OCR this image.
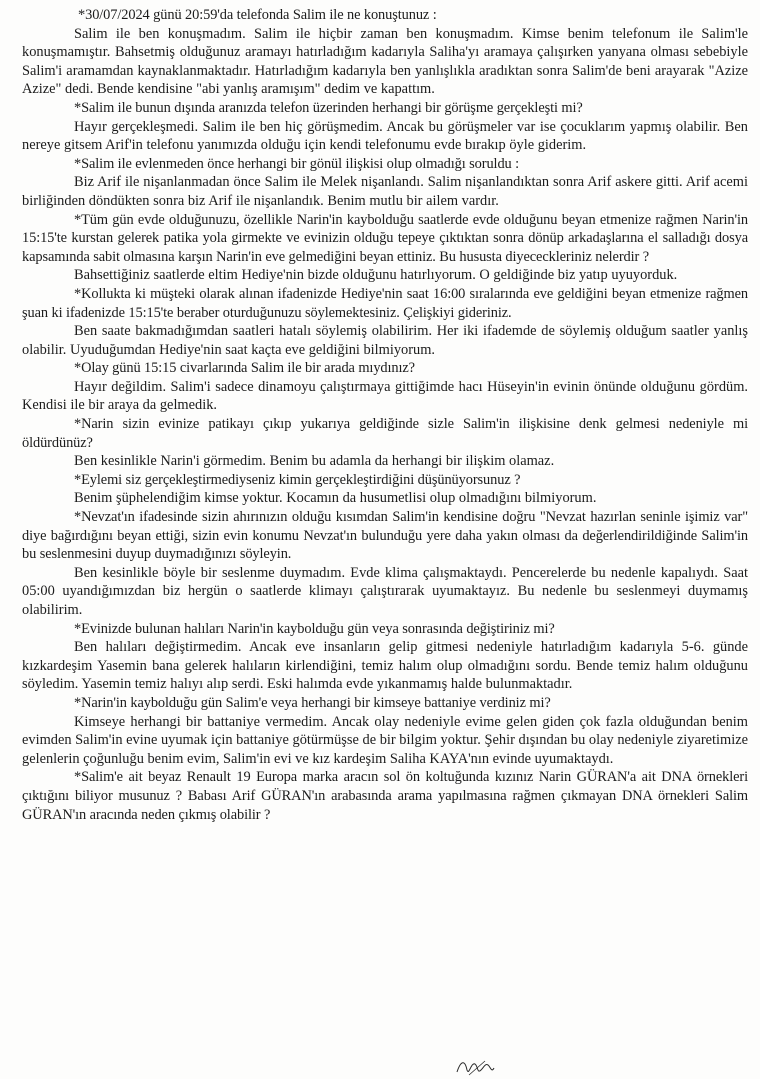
*30/07/2024 günü 20:59'da telefonda Salim ile ne konuştunuz :

Salim ile ben konuşmadım. Salim ile hiçbir zaman ben konuşmadım. Kimse benim telefonum ile Salim'le konuşmamıştır. Bahsetmiş olduğunuz aramayı hatırladığım kadarıyla Saliha'yı aramaya çalışırken yanyana olması sebebiyle Salim'i aramamdan kaynaklanmaktadır. Hatırladığım kadarıyla ben yanlışlıkla aradıktan sonra Salim'de beni arayarak "Azize Azize" dedi. Bende kendisine "abi yanlış aramışım" dedim ve kapattım.

*Salim ile bunun dışında aranızda telefon üzerinden herhangi bir görüşme gerçekleşti mi?

Hayır gerçekleşmedi. Salim ile ben hiç görüşmedim. Ancak bu görüşmeler var ise çocuklarım yapmış olabilir. Ben nereye gitsem Arif'in telefonu yanımızda olduğu için kendi telefonumu evde bırakıp öyle giderim.

*Salim ile evlenmeden önce herhangi bir gönül ilişkisi olup olmadığı soruldu :

Biz Arif ile nişanlanmadan önce Salim ile Melek nişanlandı. Salim nişanlandıktan sonra Arif askere gitti. Arif acemi birliğinden döndükten sonra biz Arif ile nişanlandık. Benim mutlu bir ailem vardır.

*Tüm gün evde olduğunuzu, özellikle Narin'in kaybolduğu saatlerde evde olduğunu beyan etmenize rağmen Narin'in 15:15'te kurstan gelerek patika yola girmekte ve evinizin olduğu tepeye çıktıktan sonra dönüp arkadaşlarına el salladığı dosya kapsamında sabit olmasına karşın Narin'in eve gelmediğini beyan ettiniz. Bu hususta diyececkleriniz nelerdir ?

Bahsettiğiniz saatlerde eltim Hediye'nin bizde olduğunu hatırlıyorum. O geldiğinde biz yatıp uyuyorduk.

*Kollukta ki müşteki olarak alınan ifadenizde Hediye'nin saat 16:00 sıralarında eve geldiğini beyan etmenize rağmen şuan ki ifadenizde 15:15'te beraber oturduğunuzu söylemektesiniz. Çelişkiyi gideriniz.

Ben saate bakmadığımdan saatleri hatalı söylemiş olabilirim. Her iki ifademde de söylemiş olduğum saatler yanlış olabilir. Uyuduğumdan Hediye'nin saat kaçta eve geldiğini bilmiyorum.

*Olay günü 15:15 civarlarında Salim ile bir arada mıydınız?

Hayır değildim. Salim'i sadece dinamoyu çalıştırmaya gittiğimde hacı Hüseyin'in evinin önünde olduğunu gördüm. Kendisi ile bir araya da gelmedik.

*Narin sizin evinize patikayı çıkıp yukarıya geldiğinde sizle Salim'in ilişkisine denk gelmesi nedeniyle mi öldürdünüz?

Ben kesinlikle Narin'i görmedim. Benim bu adamla da herhangi bir ilişkim olamaz.

*Eylemi siz gerçekleştirmediyseniz kimin gerçekleştirdiğini düşünüyorsunuz ?

Benim şüphelendiğim kimse yoktur. Kocamın da husumetlisi olup olmadığını bilmiyorum.

*Nevzat'ın ifadesinde sizin ahırınızın olduğu kısımdan Salim'in kendisine doğru "Nevzat hazırlan seninle işimiz var" diye bağırdığını beyan ettiği, sizin evin konumu Nevzat'ın bulunduğu yere daha yakın olması da değerlendirildiğinde Salim'in bu seslenmesini duyup duymadığınızı söyleyin.

Ben kesinlikle böyle bir seslenme duymadım. Evde klima çalışmaktaydı. Pencerelerde bu nedenle kapalıydı. Saat 05:00 uyandığımızdan biz hergün o saatlerde klimayı çalıştırarak uyumaktayız. Bu nedenle bu seslenmeyi duymamış olabilirim.

*Evinizde bulunan halıları Narin'in kaybolduğu gün veya sonrasında değiştiriniz mi?

Ben halıları değiştirmedim. Ancak eve insanların gelip gitmesi nedeniyle hatırladığım kadarıyla 5-6. günde kızkardeşim Yasemin bana gelerek halıların kirlendiğini, temiz halım olup olmadığını sordu. Bende temiz halım olduğunu söyledim. Yasemin temiz halıyı alıp serdi. Eski halımda evde yıkanmamış halde bulunmaktadır.

*Narin'in kaybolduğu gün Salim'e veya herhangi bir kimseye battaniye verdiniz mi?

Kimseye herhangi bir battaniye vermedim. Ancak olay nedeniyle evime gelen giden çok fazla olduğundan benim evimden Salim'in evine uyumak için battaniye götürmüşse de bir bilgim yoktur. Şehir dışından bu olay nedeniyle ziyaretimize gelenlerin çoğunluğu benim evim, Salim'in evi ve kız kardeşim Saliha KAYA'nın evinde uyumaktaydı.

*Salim'e ait beyaz Renault 19 Europa marka aracın sol ön koltuğunda kızınız Narin GÜRAN'a ait DNA örnekleri çıktığını biliyor musunuz ? Babası Arif GÜRAN'ın arabasında arama yapılmasına rağmen çıkmayan DNA örnekleri Salim GÜRAN'ın aracında neden çıkmış olabilir ?
